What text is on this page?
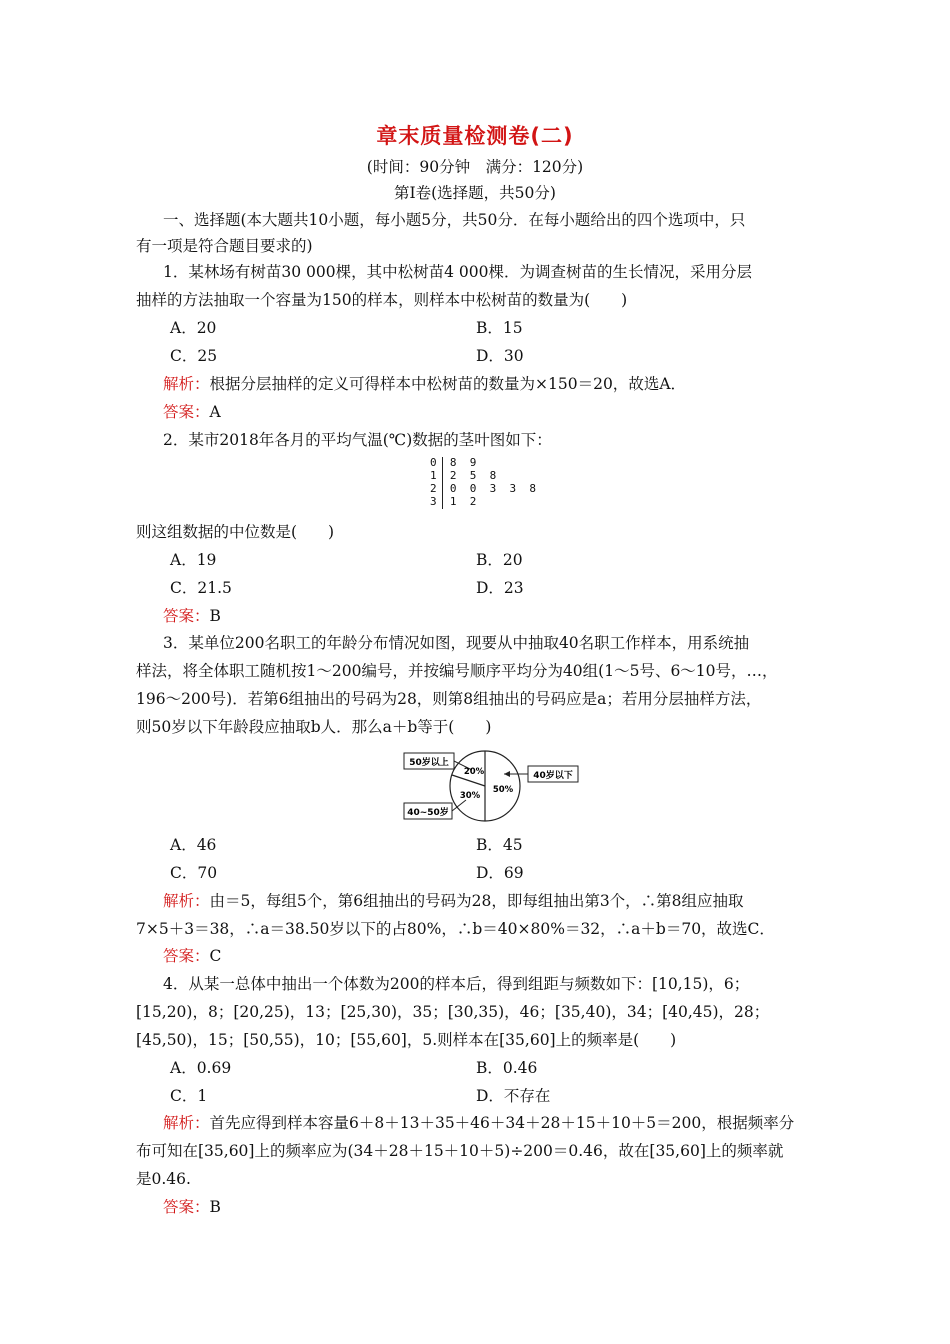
章末质量检测卷(二)
(时间：90分钟　满分：120分)
第Ⅰ卷(选择题，共50分)
一、选择题(本大题共10小题，每小题5分，共50分．在每小题给出的四个选项中，只
有一项是符合题目要求的)
1．某林场有树苗30 000棵，其中松树苗4 000棵．为调查树苗的生长情况，采用分层
抽样的方法抽取一个容量为150的样本，则样本中松树苗的数量为(　　)
A．20	B．15
C．25	D．30
解析：根据分层抽样的定义可得样本中松树苗的数量为×150＝20，故选A．
答案：A
2．某市2018年各月的平均气温(℃)数据的茎叶图如下：
0  8  9
1  2  5  8
2  0  0  3  3  8
3  1  2
则这组数据的中位数是(　　)
A．19	B．20
C．21.5	D．23
答案：B
3．某单位200名职工的年龄分布情况如图，现要从中抽取40名职工作样本，用系统抽
样法，将全体职工随机按1～200编号，并按编号顺序平均分为40组(1～5号、6～10号，…，
196～200号)．若第6组抽出的号码为28，则第8组抽出的号码应是a；若用分层抽样方法，
则50岁以下年龄段应抽取b人．那么a＋b等于(　　)
50岁以上
40岁以下
40~50岁
20%
50%
30%
A．46	B．45
C．70	D．69
解析：由＝5，每组5个，第6组抽出的号码为28，即每组抽出第3个，∴第8组应抽取
7×5＋3＝38，∴a＝38.50岁以下的占80%，∴b＝40×80%＝32，∴a＋b＝70，故选C．
答案：C
4．从某一总体中抽出一个体数为200的样本后，得到组距与频数如下：[10,15)，6；
[15,20)，8；[20,25)，13；[25,30)，35；[30,35)，46；[35,40)，34；[40,45)，28；
[45,50)，15；[50,55)，10；[55,60]，5.则样本在[35,60]上的频率是(　　)
A．0.69	B．0.46
C．1	D．不存在
解析：首先应得到样本容量6＋8＋13＋35＋46＋34＋28＋15＋10＋5＝200，根据频率分
布可知在[35,60]上的频率应为(34＋28＋15＋10＋5)÷200＝0.46，故在[35,60]上的频率就
是0.46.
答案：B
